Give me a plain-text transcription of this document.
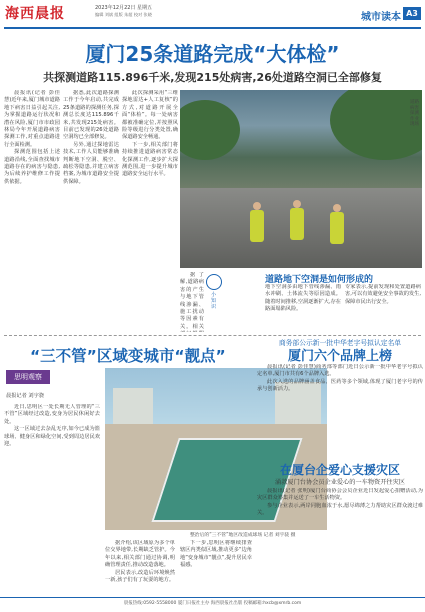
海西晨报	2023年12月22日 星期五
编辑 刘斌 组版 朱超 校对 张晓	城市读本 A3
厦门25条道路完成“大体检”
共探测道路115.896千米,发现215处病害,26处道路空洞已全部修复

晨报讯(记者 彭佳慧)近年来,厦门城市道路地下病害日益引起关注,为掌握道路运行状况和潜在风险,厦门市市政园林局今年开展道路病害探测工作,对重点道路进行全面检测。

探测范围包括上述道路沿线,全面查找城市道路存在的病害与隐患,为后续养护维修工作提供依据。

据悉,此次道路探测工作于今年启动,共完成25条道路的探测任务,探测总长度达115.896千米,共发现215处病害。目前已发现的26处道路空洞均已全部修复。

另外,通过探地雷达技术,工作人员能够准确判断地下空洞、脱空、疏松等隐患,并建立病害档案,为城市道路安全提供保障。

此次探测采用“三维探地雷达+人工复核”的方式,对道路开展全面“体检”。每一处病害都被准确定位,并按照风险等级进行分类处置,确保道路安全畅通。

下一步,相关部门将持续推进道路病害常态化探测工作,逐步扩大探测范围,进一步提升城市道路安全运行水平。

道路病害探测作业现场
小知识
道路地下空洞是如何形成的

据了解,道路病害的产生与地下管线渗漏、施工扰动等因素有关。相关

地下空洞多由地下管线渗漏、雨水冲刷、土体流失等原因造成。随着时间推移,空洞逐渐扩大,存在路面塌陷风险。

专家表示,提前发现和处置道路病害,可以有效避免安全事故的发生,保障市民出行安全。

“三不管”区域变城市“靓点”
思明观察
晨报记者 刘宇骁

近日,思明区一处长期无人管理的“三不管”区域经过改造,变身为居民休闲好去处。

这一区域过去杂乱无序,如今已成为篮球场、健身区和绿化空间,受到周边居民欢迎。

整治后的“三不管”地区改造成球场 记者 刘宇骁 摄

据介绍,该区域原为多个单位交界地带,长期缺乏管护。今年以来,相关部门通过协调,明确管理责任,推动改造落地。

居民表示,改造后环境焕然一新,孩子们有了玩耍的地方。

下一步,思明区将继续排查辖区内类似区域,推动更多“边角地”变身城市“靓点”,提升居民幸福感。

商务部公示新一批中华老字号拟认定名单
厦门六个品牌上榜

晨报讯(记者 彭佳慧)商务部等部门近日公示新一批中华老字号拟认定名单,厦门市共有6个品牌入选。

此次入选的品牌涵盖食品、医药等多个领域,体现了厦门老字号的传承与创新活力。

在厦台企爱心支援灾区
涌款厦门台协会员企业爱心的一车物资开往灾区

晨报讯(记者 张明)厦门台商协会会员企业近日发起爱心捐赠活动,为灾区群众筹集并运送了一车生活物资。

参与企业表示,两岸同胞血浓于水,愿尽绵薄之力帮助灾区群众渡过难关。

晨报热线:0592-5558000 厦门日报社主办 海西晨报社出版 投稿邮箱:hxcb@xmrb.com
